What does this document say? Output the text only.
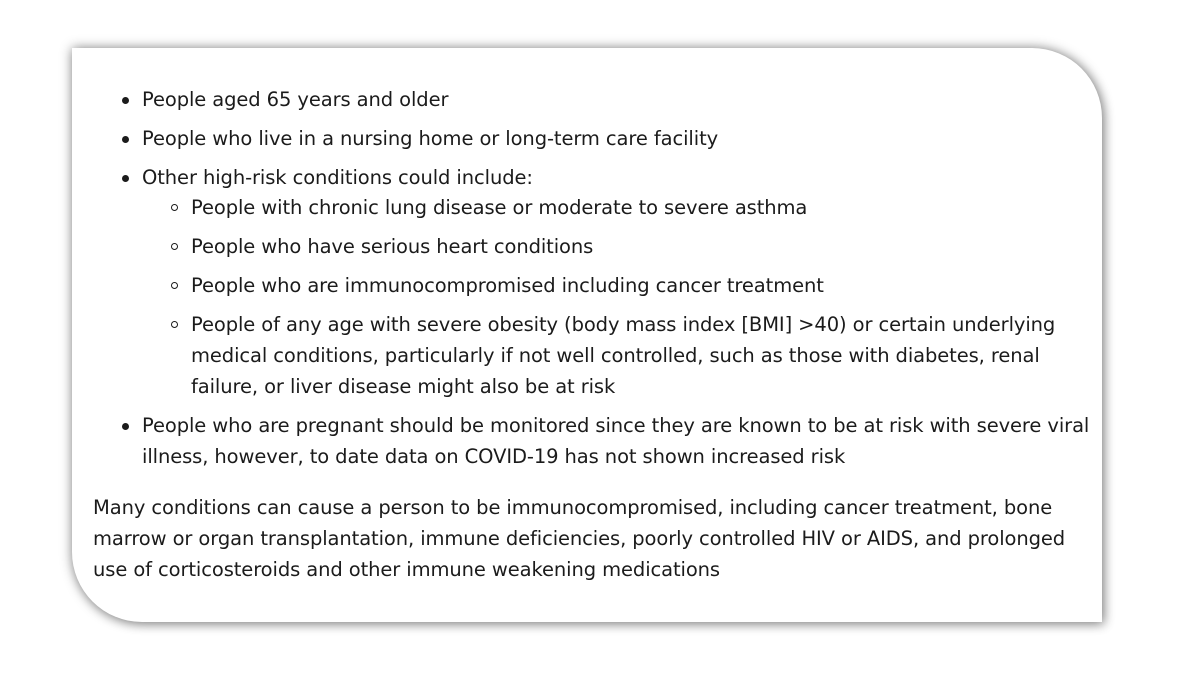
People aged 65 years and older
People who live in a nursing home or long-term care facility
Other high-risk conditions could include:
People with chronic lung disease or moderate to severe asthma
People who have serious heart conditions
People who are immunocompromised including cancer treatment
People of any age with severe obesity (body mass index [BMI] >40) or certain underlying medical conditions, particularly if not well controlled, such as those with diabetes, renal failure, or liver disease might also be at risk
People who are pregnant should be monitored since they are known to be at risk with severe viral illness, however, to date data on COVID-19 has not shown increased risk

Many conditions can cause a person to be immunocompromised, including cancer treatment, bone marrow or organ transplantation, immune deficiencies, poorly controlled HIV or AIDS, and prolonged use of corticosteroids and other immune weakening medications
